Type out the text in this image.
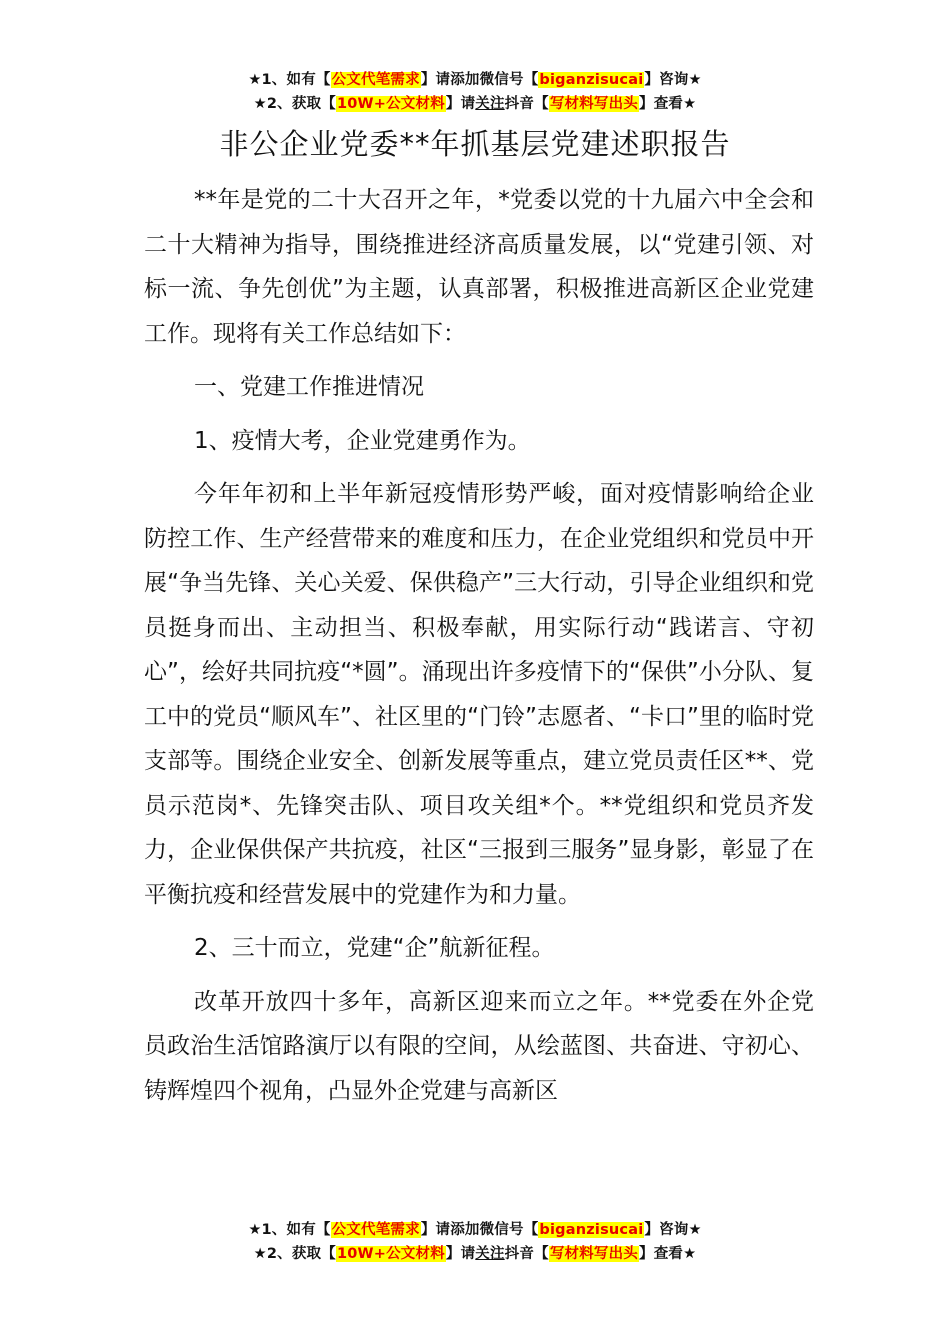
★1、如有【公文代笔需求】请添加微信号【biganzisucai】咨询★
★2、获取【10W+公文材料】请关注抖音【写材料写出头】查看★
非公企业党委**年抓基层党建述职报告

**年是党的二十大召开之年，*党委以党的十九届六中全会和二十大精神为指导，围绕推进经济高质量发展，以“党建引领、对标一流、争先创优”为主题，认真部署，积极推进高新区企业党建工作。现将有关工作总结如下：

一、党建工作推进情况

1、疫情大考，企业党建勇作为。

今年年初和上半年新冠疫情形势严峻，面对疫情影响给企业防控工作、生产经营带来的难度和压力，在企业党组织和党员中开展“争当先锋、关心关爱、保供稳产”三大行动，引导企业组织和党员挺身而出、主动担当、积极奉献，用实际行动“践诺言、守初心”，绘好共同抗疫“*圆”。涌现出许多疫情下的“保供”小分队、复工中的党员“顺风车”、社区里的“门铃”志愿者、“卡口”里的临时党支部等。围绕企业安全、创新发展等重点，建立党员责任区**、党员示范岗*、先锋突击队、项目攻关组*个。**党组织和党员齐发力，企业保供保产共抗疫，社区“三报到三服务”显身影，彰显了在平衡抗疫和经营发展中的党建作为和力量。

2、三十而立，党建“企”航新征程。

改革开放四十多年，高新区迎来而立之年。**党委在外企党员政治生活馆路演厅以有限的空间，从绘蓝图、共奋进、守初心、铸辉煌四个视角，凸显外企党建与高新区

★1、如有【公文代笔需求】请添加微信号【biganzisucai】咨询★
★2、获取【10W+公文材料】请关注抖音【写材料写出头】查看★
